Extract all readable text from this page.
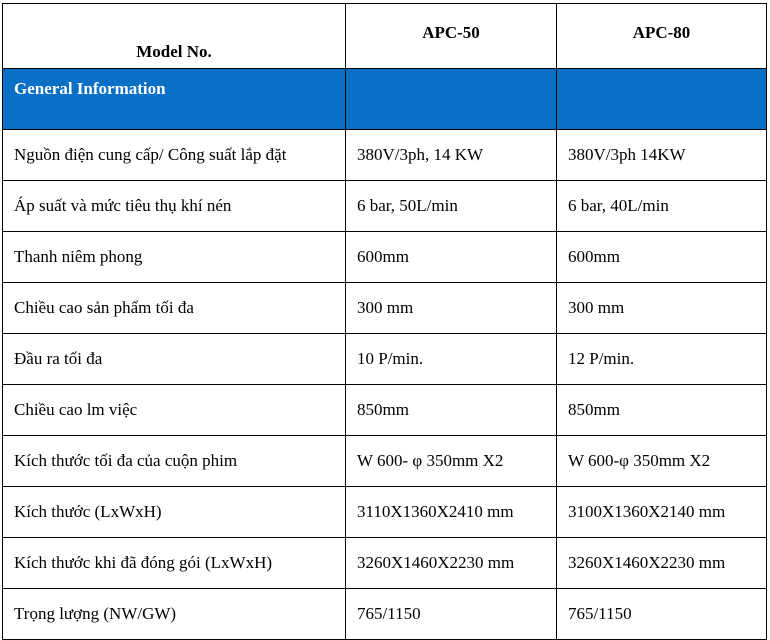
Model No.	APC-50	APC-80
General Information		
Nguồn điện cung cấp/ Công suất lắp đặt	380V/3ph, 14 KW	380V/3ph 14KW
Áp suất và mức tiêu thụ khí nén	6 bar, 50L/min	6 bar, 40L/min
Thanh niêm phong	600mm	600mm
Chiều cao sản phẩm tối đa	300 mm	300 mm
Đầu ra tối đa	10 P/min.	12 P/min.
Chiều cao lm việc	850mm	850mm
Kích thước tối đa của cuộn phim	W 600- φ 350mm X2	W 600-φ 350mm X2
Kích thước (LxWxH)	3110X1360X2410 mm	3100X1360X2140 mm
Kích thước khi đã đóng gói (LxWxH)	3260X1460X2230 mm	3260X1460X2230 mm
Trọng lượng (NW/GW)	765/1150	765/1150
